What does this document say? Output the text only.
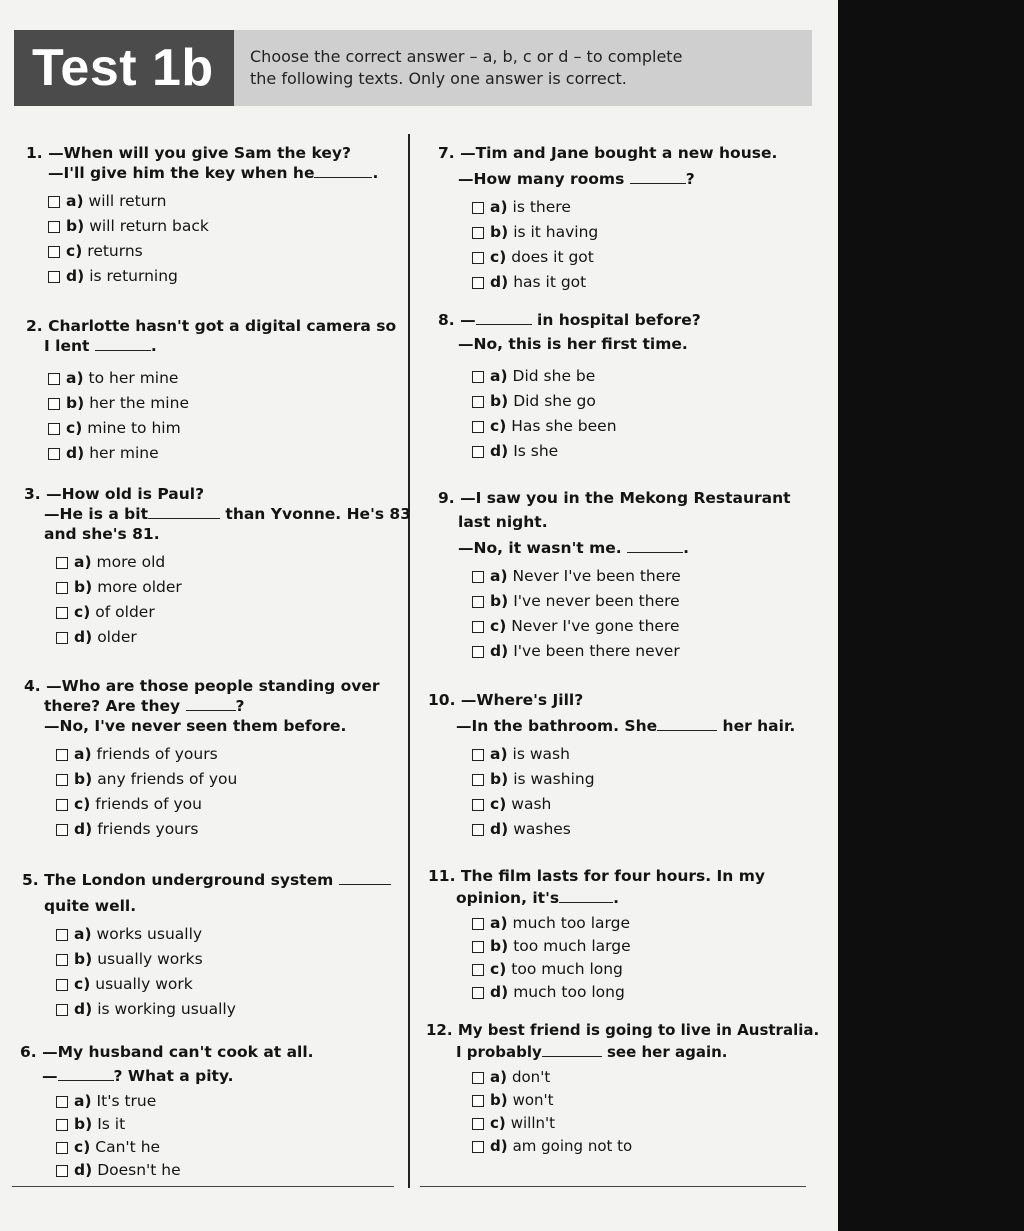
Test 1b	Choose the correct answer – a, b, c or d – to complete
the following texts. Only one answer is correct.
1. —When will you give Sam the key?
—I'll give him the key when he	.
a) will return
b) will return back
c) returns
d) is returning
2. Charlotte hasn't got a digital camera so
I lent	.
a) to her mine
b) her the mine
c) mine to him
d) her mine
3. —How old is Paul?
—He is a bit	than Yvonne. He's 83
and she's 81.
a) more old
b) more older
c) of older
d) older
4. —Who are those people standing over
there? Are they	?
—No, I've never seen them before.
a) friends of yours
b) any friends of you
c) friends of you
d) friends yours
5. The London underground system
quite well.
a) works usually
b) usually works
c) usually work
d) is working usually
6. —My husband can't cook at all.
—	? What a pity.
a) It's true
b) Is it
c) Can't he
d) Doesn't he
7. —Tim and Jane bought a new house.
—How many rooms	?
a) is there
b) is it having
c) does it got
d) has it got
8. —	in hospital before?
—No, this is her first time.
a) Did she be
b) Did she go
c) Has she been
d) Is she
9. —I saw you in the Mekong Restaurant
last night.
—No, it wasn't me.	.
a) Never I've been there
b) I've never been there
c) Never I've gone there
d) I've been there never
10. —Where's Jill?
—In the bathroom. She	her hair.
a) is wash
b) is washing
c) wash
d) washes
11. The film lasts for four hours. In my
opinion, it's	.
a) much too large
b) too much large
c) too much long
d) much too long
12. My best friend is going to live in Australia.
I probably	see her again.
a) don't
b) won't
c) willn't
d) am going not to
